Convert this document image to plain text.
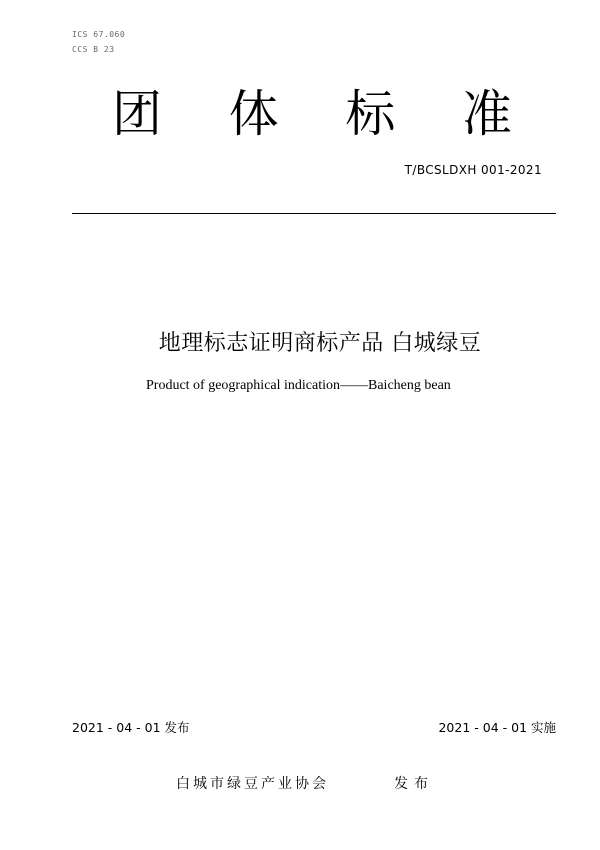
ICS 67.060
CCS B 23
团 体 标 准
T/BCSLDXH 001-2021
地理标志证明商标产品 白城绿豆
Product of geographical indication——Baicheng bean
2021 - 04 - 01 发布	2021 - 04 - 01 实施
白城市绿豆产业协会	发布
